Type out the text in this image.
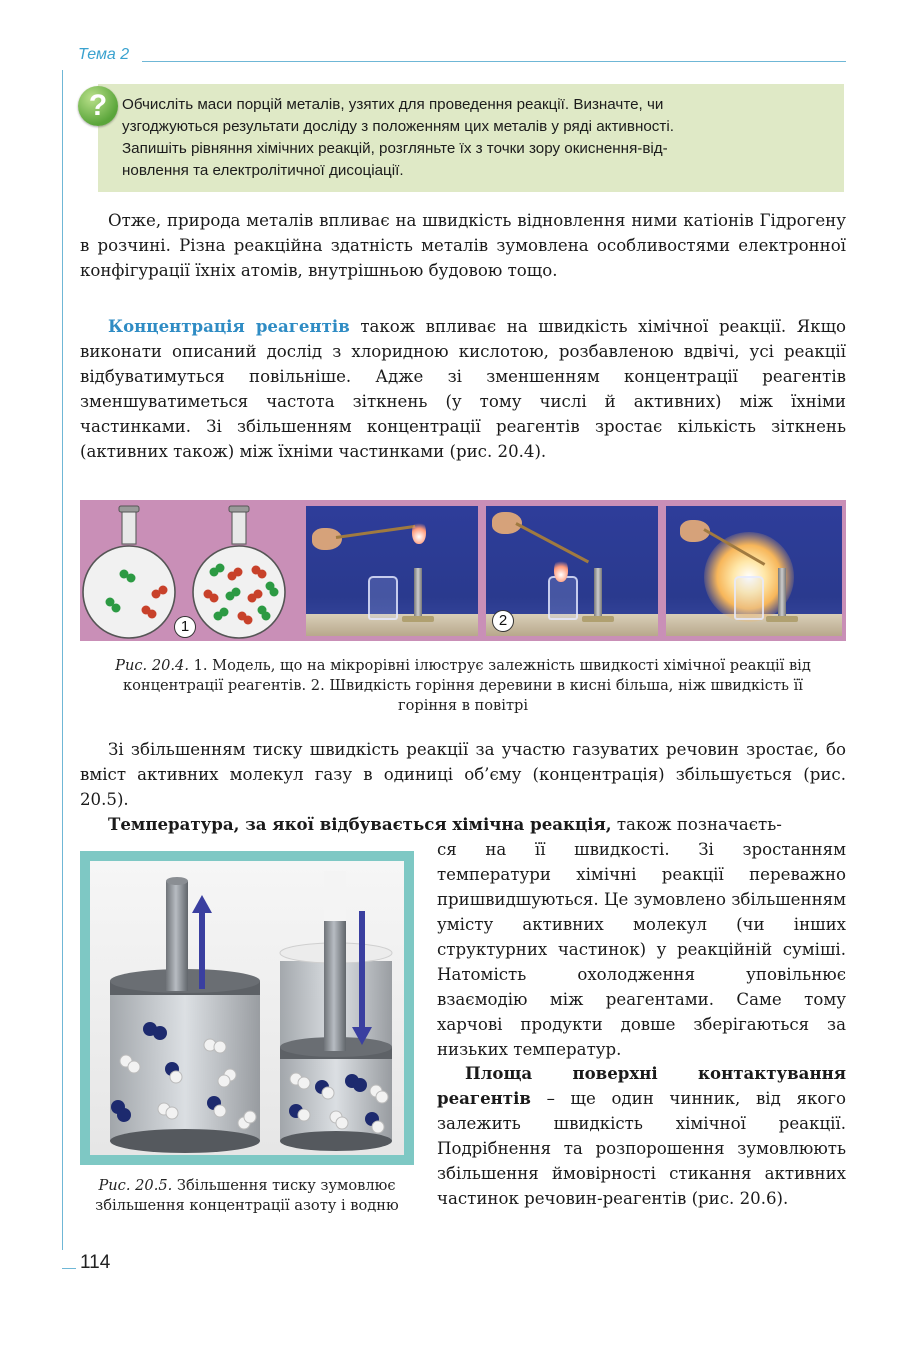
Тема 2

Обчисліть маси порцій металів, узятих для проведення реакції. Визначте, чи

узгоджуються результати досліду з положенням цих металів у ряді активності.

Запишіть рівняння хімічних реакцій, розгляньте їх з точки зору окиснення-від-

новлення та електролітичної дисоціації.

?

Отже, природа металів впливає на швидкість відновлення ними катіонів Гідрогену в розчині. Різна реакційна здатність металів зумовлена особливостями електронної конфігурації їхніх атомів, внутрішньою будовою тощо.

Концентрація реагентів також впливає на швидкість хімічної реакції. Якщо виконати описаний дослід з хлоридною кислотою, розбавленою вдвічі, усі реакції відбуватимуться повільніше. Адже зі зменшенням концентрації реагентів зменшуватиметься частота зіткнень (у тому числі й активних) між їхніми частинками. Зі збільшенням концентрації реагентів зростає кількість зіткнень (активних також) між їхніми частинками (рис. 20.4).

1	2

Рис. 20.4. 1. Модель, що на мікрорівні ілюструє залежність швидкості хімічної реакції від концентрації реагентів. 2. Швидкість горіння деревини в кисні більша, ніж швидкість її горіння в повітрі

Зі збільшенням тиску швидкість реакції за участю газуватих речовин зростає, бо вміст активних молекул газу в одиниці об’єму (концентрація) збільшується (рис. 20.5).

Температура, за якої відбувається хімічна реакція, також позначаєть-

Рис. 20.5. Збільшення тиску зумовлює збільшення концентрації азоту і водню

ся на її швидкості. Зі зростанням температури хімічні реакції переважно пришвидшуються. Це зумовлено збільшенням умісту активних молекул (чи інших структурних частинок) у реакційній суміші. Натомість охолодження уповільнює взаємодію між реагентами. Саме тому харчові продукти довше зберігаються за низьких температур.

Площа поверхні контактування реагентів – ще один чинник, від якого залежить швидкість хімічної реакції. Подрібнення та розпорошення зумовлюють збільшення ймовірності стикання активних частинок речовин-реагентів (рис. 20.6).

114
